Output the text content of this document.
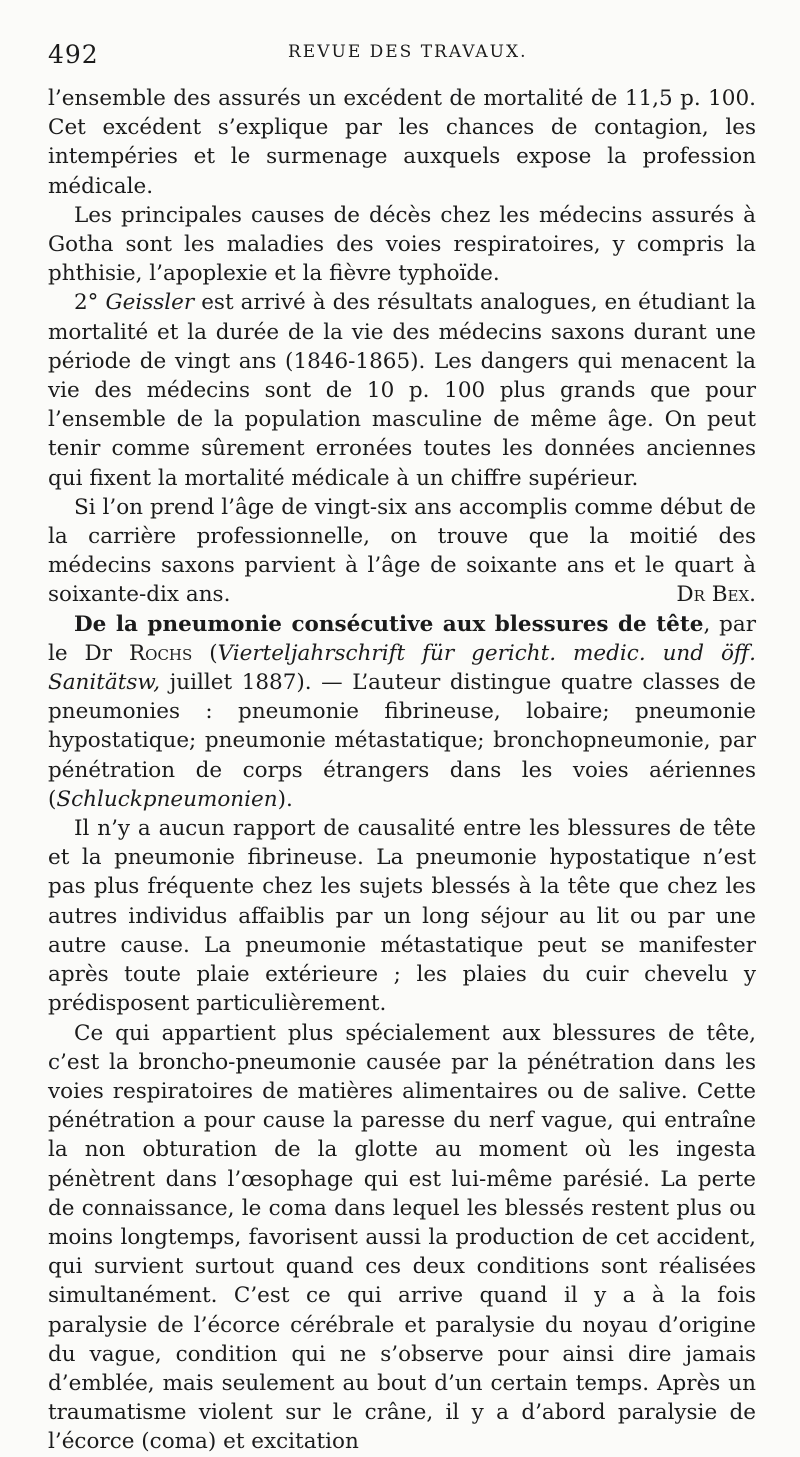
492	REVUE DES TRAVAUX.

l’ensemble des assurés un excédent de mortalité de 11,5 p. 100. Cet excédent s’explique par les chances de contagion, les intempéries et le surmenage auxquels expose la profession médicale.

Les principales causes de décès chez les médecins assurés à Gotha sont les maladies des voies respiratoires, y compris la phthisie, l’apoplexie et la fièvre typhoïde.

2° Geissler est arrivé à des résultats analogues, en étudiant la mortalité et la durée de la vie des médecins saxons durant une période de vingt ans (1846-1865). Les dangers qui menacent la vie des médecins sont de 10 p. 100 plus grands que pour l’ensemble de la population masculine de même âge. On peut tenir comme sûrement erronées toutes les données anciennes qui fixent la mortalité médicale à un chiffre supérieur.

Si l’on prend l’âge de vingt-six ans accomplis comme début de la carrière professionnelle, on trouve que la moitié des médecins saxons parvient à l’âge de soixante ans et le quart à soixante-dix ans.	Dr Bex.

De la pneumonie consécutive aux blessures de tête, par le Dr Rochs (Vierteljahrschrift für gericht. medic. und öff. Sanitätsw, juillet 1887). — L’auteur distingue quatre classes de pneumonies : pneumonie fibrineuse, lobaire; pneumonie hypostatique; pneumonie métastatique; bronchopneumonie, par pénétration de corps étrangers dans les voies aériennes (Schluckpneumonien).

Il n’y a aucun rapport de causalité entre les blessures de tête et la pneumonie fibrineuse. La pneumonie hypostatique n’est pas plus fréquente chez les sujets blessés à la tête que chez les autres individus affaiblis par un long séjour au lit ou par une autre cause. La pneumonie métastatique peut se manifester après toute plaie extérieure ; les plaies du cuir chevelu y prédisposent particulièrement.

Ce qui appartient plus spécialement aux blessures de tête, c’est la broncho-pneumonie causée par la pénétration dans les voies respiratoires de matières alimentaires ou de salive. Cette pénétration a pour cause la paresse du nerf vague, qui entraîne la non obturation de la glotte au moment où les ingesta pénètrent dans l’œsophage qui est lui-même parésié. La perte de connaissance, le coma dans lequel les blessés restent plus ou moins longtemps, favorisent aussi la production de cet accident, qui survient surtout quand ces deux conditions sont réalisées simultanément. C’est ce qui arrive quand il y a à la fois paralysie de l’écorce cérébrale et paralysie du noyau d’origine du vague, condition qui ne s’observe pour ainsi dire jamais d’emblée, mais seulement au bout d’un certain temps. Après un traumatisme violent sur le crâne, il y a d’abord paralysie de l’écorce (coma) et excitation
